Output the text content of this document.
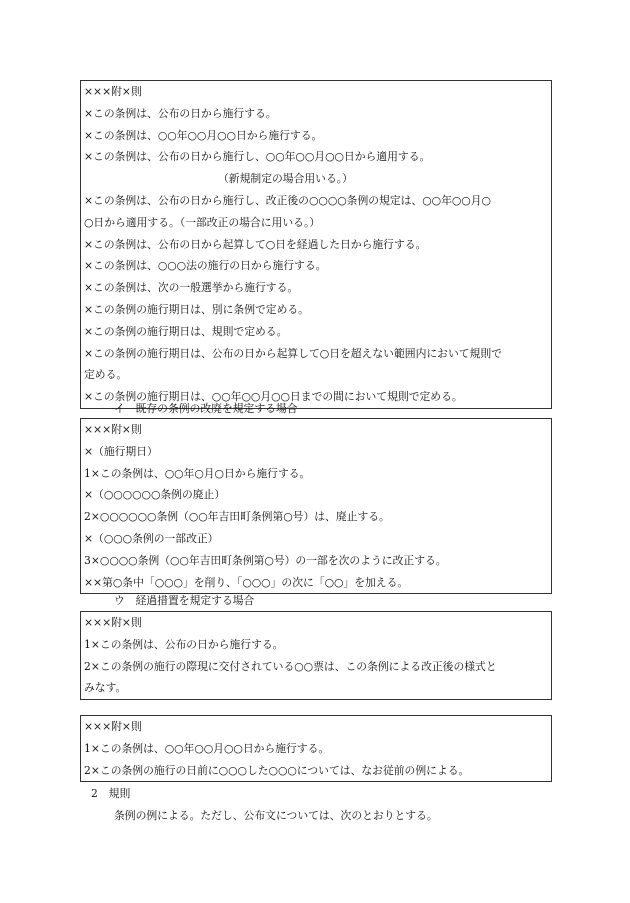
×××附×則
×この条例は、公布の日から施行する。
×この条例は、○○年○○月○○日から施行する。
×この条例は、公布の日から施行し、○○年○○月○○日から適用する。
（新規制定の場合用いる。）
×この条例は、公布の日から施行し、改正後の○○○○条例の規定は、○○年○○月○
○日から適用する。（一部改正の場合に用いる。）
×この条例は、公布の日から起算して○日を経過した日から施行する。
×この条例は、○○○法の施行の日から施行する。
×この条例は、次の一般選挙から施行する。
×この条例の施行期日は、別に条例で定める。
×この条例の施行期日は、規則で定める。
×この条例の施行期日は、公布の日から起算して○日を超えない範囲内において規則で
定める。
×この条例の施行期日は、○○年○○月○○日までの間において規則で定める。
イ　既存の条例の改廃を規定する場合
×××附×則
×（施行期日）
1×この条例は、○○年○月○日から施行する。
×（○○○○○○条例の廃止）
2×○○○○○○条例（○○年吉田町条例第○号）は、廃止する。
×（○○○条例の一部改正）
3×○○○○条例（○○年吉田町条例第○号）の一部を次のように改正する。
××第○条中「○○○」を削り、「○○○」の次に「○○」を加える。
ウ　経過措置を規定する場合
×××附×則
1×この条例は、公布の日から施行する。
2×この条例の施行の際現に交付されている○○票は、この条例による改正後の様式と
みなす。
×××附×則
1×この条例は、○○年○○月○○日から施行する。
2×この条例の施行の日前に○○○した○○○については、なお従前の例による。
2　規則
条例の例による。ただし、公布文については、次のとおりとする。
